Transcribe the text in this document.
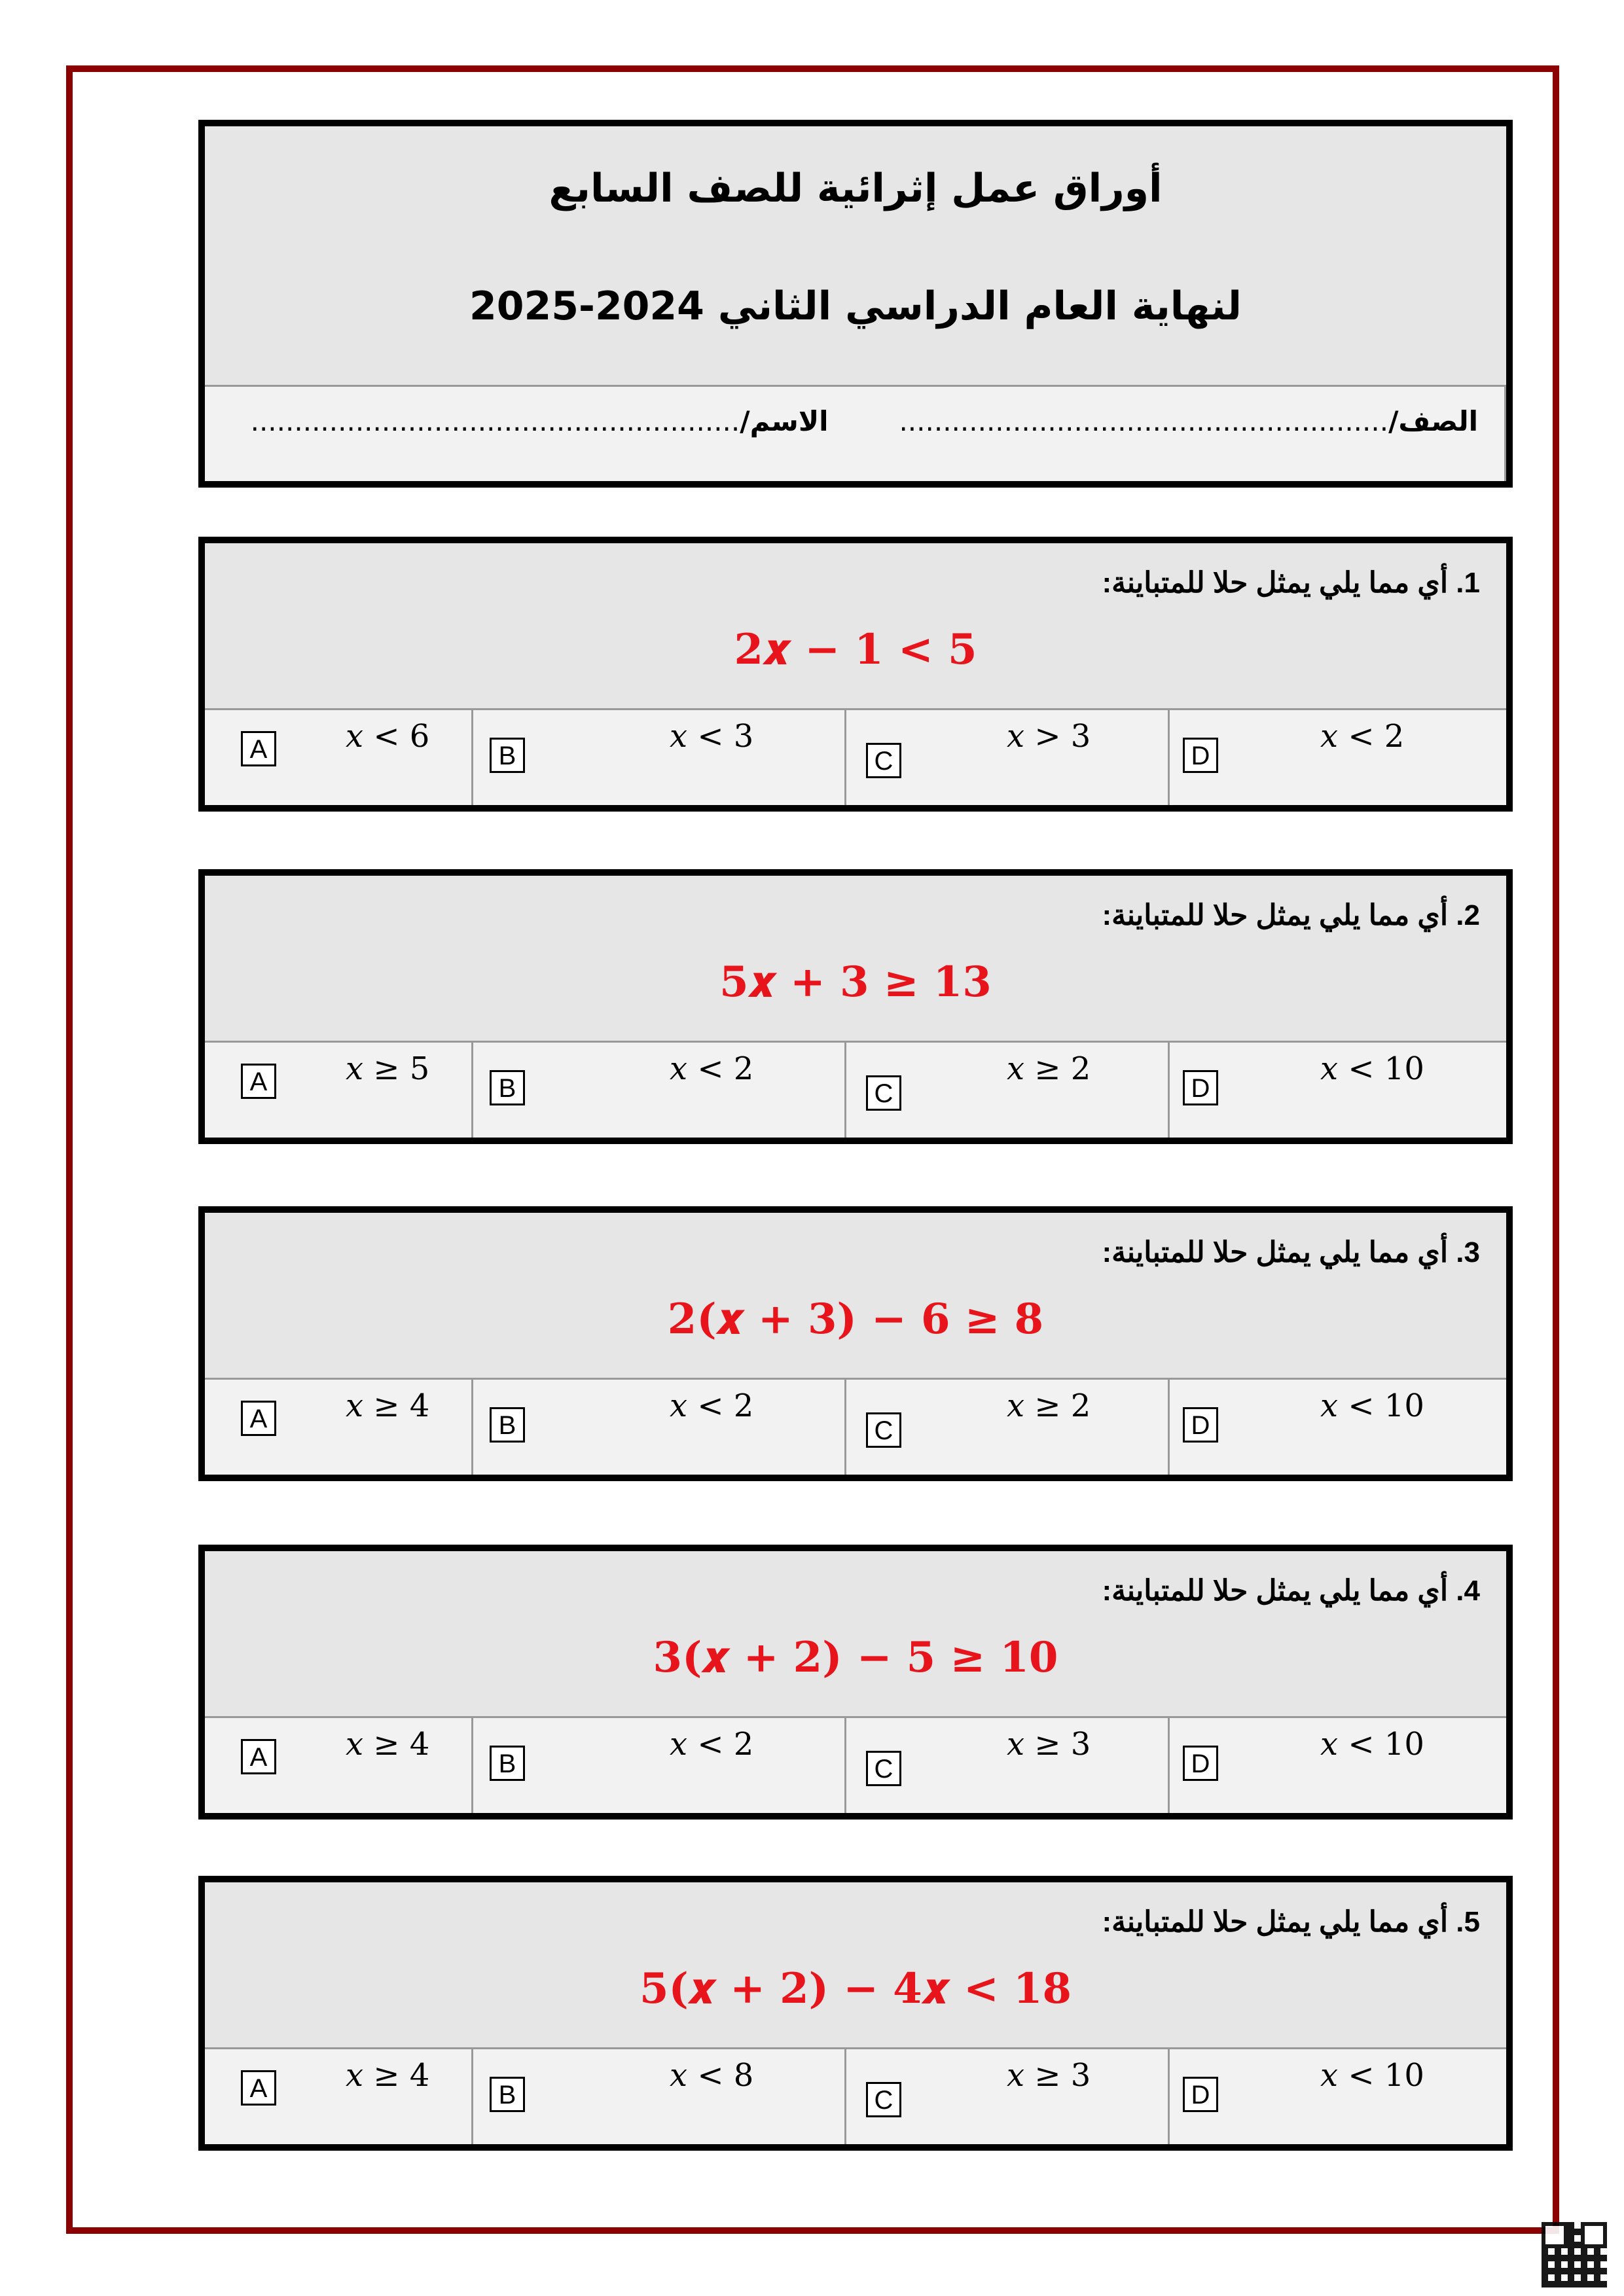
أوراق عمل إثرائية للصف السابع
لنهاية العام الدراسي الثاني 2024-2025
الاسم/........................................................	الصف/........................................................
1. أي مما يلي يمثل حلا للمتباينة:
2𝒙 − 1 < 5
A 𝑥 < 6
B
𝑥 < 3
C
𝑥 > 3
D
𝑥 < 2
2. أي مما يلي يمثل حلا للمتباينة:
5𝒙 + 3 ≥ 13
A 𝑥 ≥ 5
B
𝑥 < 2
C
𝑥 ≥ 2
D
𝑥 < 10
3. أي مما يلي يمثل حلا للمتباينة:
2(𝒙 + 3) − 6 ≥ 8
A 𝑥 ≥ 4
B
𝑥 < 2
C
𝑥 ≥ 2
D
𝑥 < 10
4. أي مما يلي يمثل حلا للمتباينة:
3(𝒙 + 2) − 5 ≥ 10
A 𝑥 ≥ 4
B
𝑥 < 2
C
𝑥 ≥ 3
D
𝑥 < 10
5. أي مما يلي يمثل حلا للمتباينة:
5(𝒙 + 2) − 4𝒙 < 18
A 𝑥 ≥ 4
B
𝑥 < 8
C
𝑥 ≥ 3
D
𝑥 < 10
